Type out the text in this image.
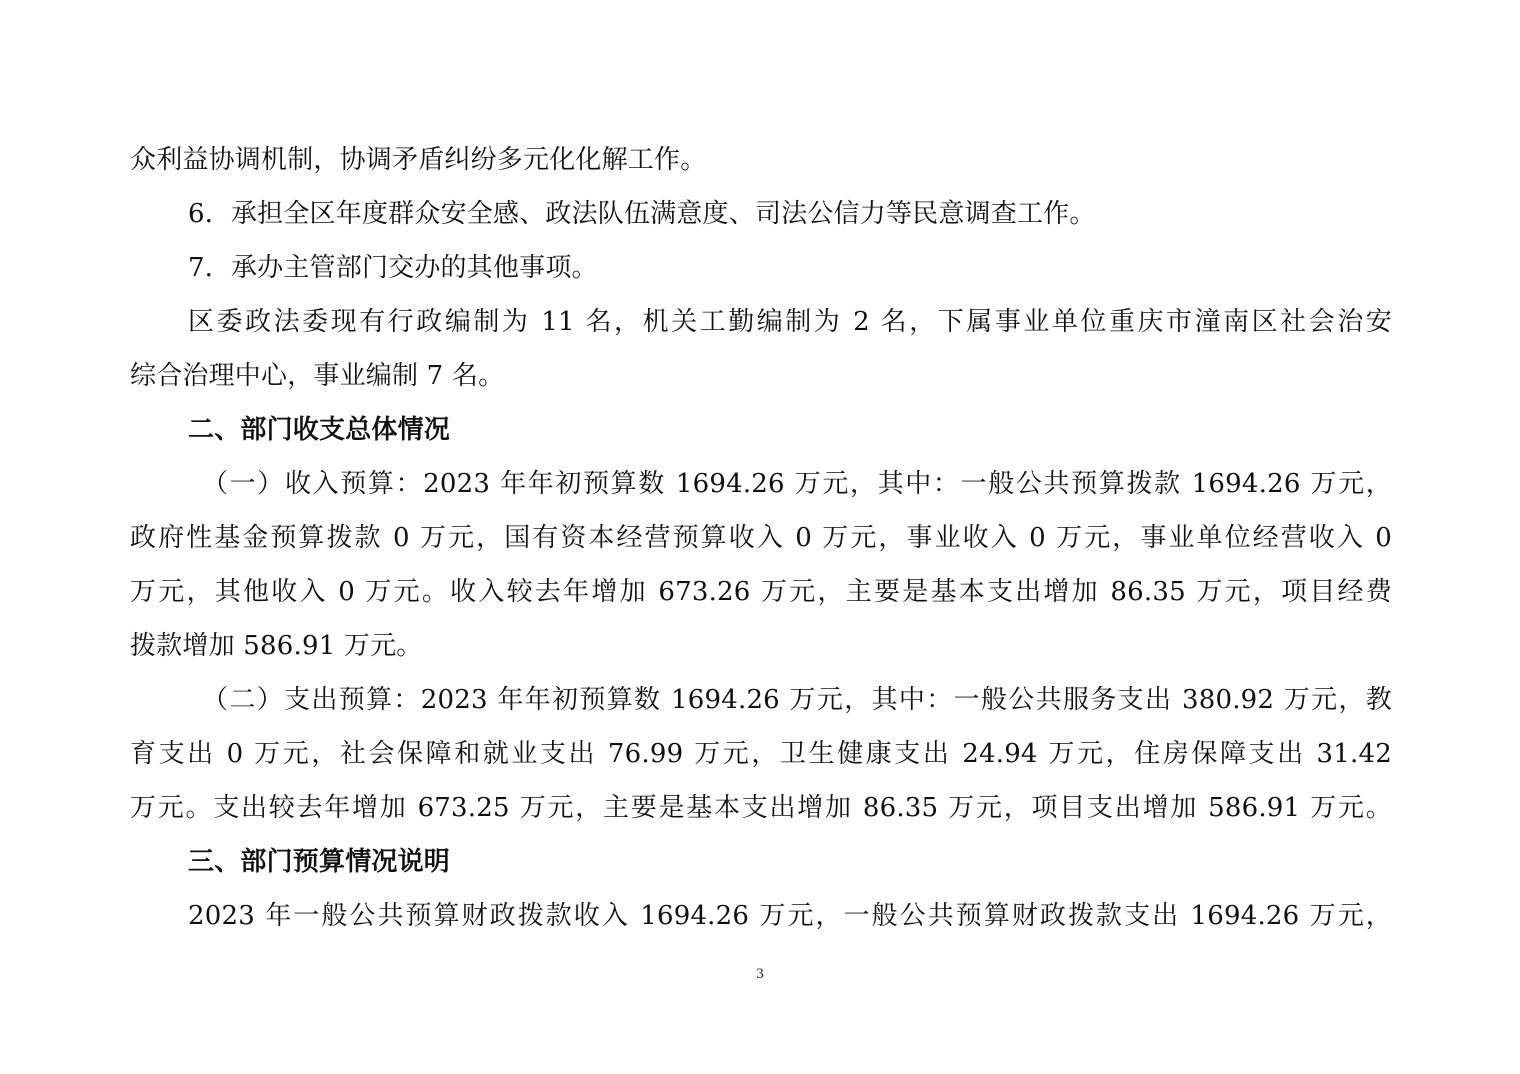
众利益协调机制，协调矛盾纠纷多元化化解工作。
6．承担全区年度群众安全感、政法队伍满意度、司法公信力等民意调查工作。
7．承办主管部门交办的其他事项。
区委政法委现有行政编制为 11 名，机关工勤编制为 2 名，下属事业单位重庆市潼南区社会治安
综合治理中心，事业编制 7 名。
二、部门收支总体情况
（一）收入预算：2023 年年初预算数 1694.26 万元，其中：一般公共预算拨款 1694.26 万元，
政府性基金预算拨款 0 万元，国有资本经营预算收入 0 万元，事业收入 0 万元，事业单位经营收入 0
万元，其他收入 0 万元。收入较去年增加 673.26 万元，主要是基本支出增加 86.35 万元，项目经费
拨款增加 586.91 万元。
（二）支出预算：2023 年年初预算数 1694.26 万元，其中：一般公共服务支出 380.92 万元，教
育支出 0 万元，社会保障和就业支出 76.99 万元，卫生健康支出 24.94 万元，住房保障支出 31.42
万元。支出较去年增加 673.25 万元，主要是基本支出增加 86.35 万元，项目支出增加 586.91 万元。
三、部门预算情况说明
2023 年一般公共预算财政拨款收入 1694.26 万元，一般公共预算财政拨款支出 1694.26 万元，
3
